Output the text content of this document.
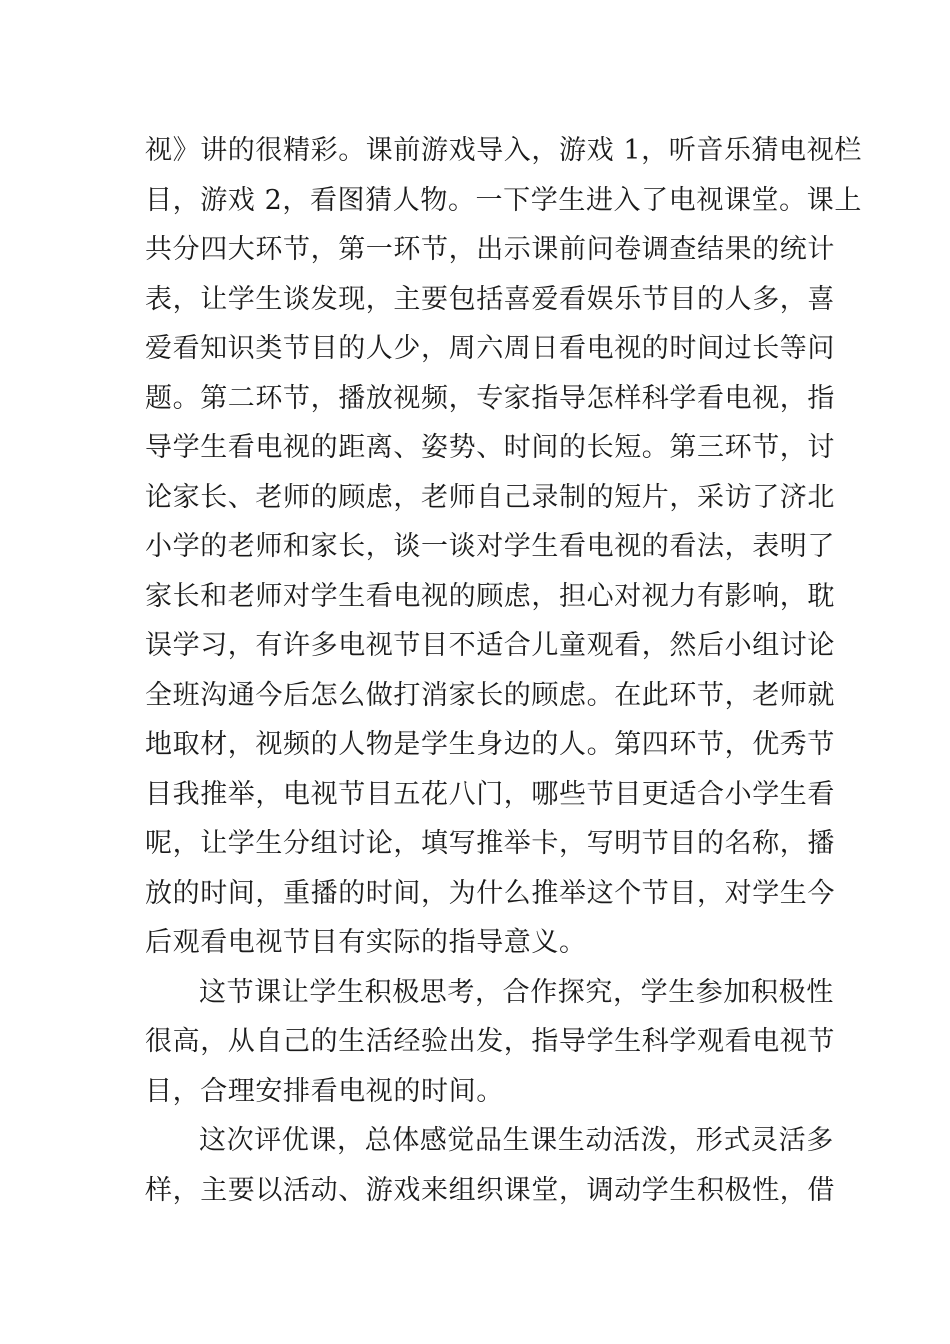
视》讲的很精彩。课前游戏导入，游戏 1，听音乐猜电视栏
目，游戏 2，看图猜人物。一下学生进入了电视课堂。课上
共分四大环节，第一环节，出示课前问卷调查结果的统计
表，让学生谈发现，主要包括喜爱看娱乐节目的人多，喜
爱看知识类节目的人少，周六周日看电视的时间过长等问
题。第二环节，播放视频，专家指导怎样科学看电视，指
导学生看电视的距离、姿势、时间的长短。第三环节，讨
论家长、老师的顾虑，老师自己录制的短片，采访了济北
小学的老师和家长，谈一谈对学生看电视的看法，表明了
家长和老师对学生看电视的顾虑，担心对视力有影响，耽
误学习，有许多电视节目不适合儿童观看，然后小组讨论
全班沟通今后怎么做打消家长的顾虑。在此环节，老师就
地取材，视频的人物是学生身边的人。第四环节，优秀节
目我推举，电视节目五花八门，哪些节目更适合小学生看
呢，让学生分组讨论，填写推举卡，写明节目的名称，播
放的时间，重播的时间，为什么推举这个节目，对学生今
后观看电视节目有实际的指导意义。
这节课让学生积极思考，合作探究，学生参加积极性
很高，从自己的生活经验出发，指导学生科学观看电视节
目，合理安排看电视的时间。
这次评优课，总体感觉品生课生动活泼，形式灵活多
样，主要以活动、游戏来组织课堂，调动学生积极性，借
